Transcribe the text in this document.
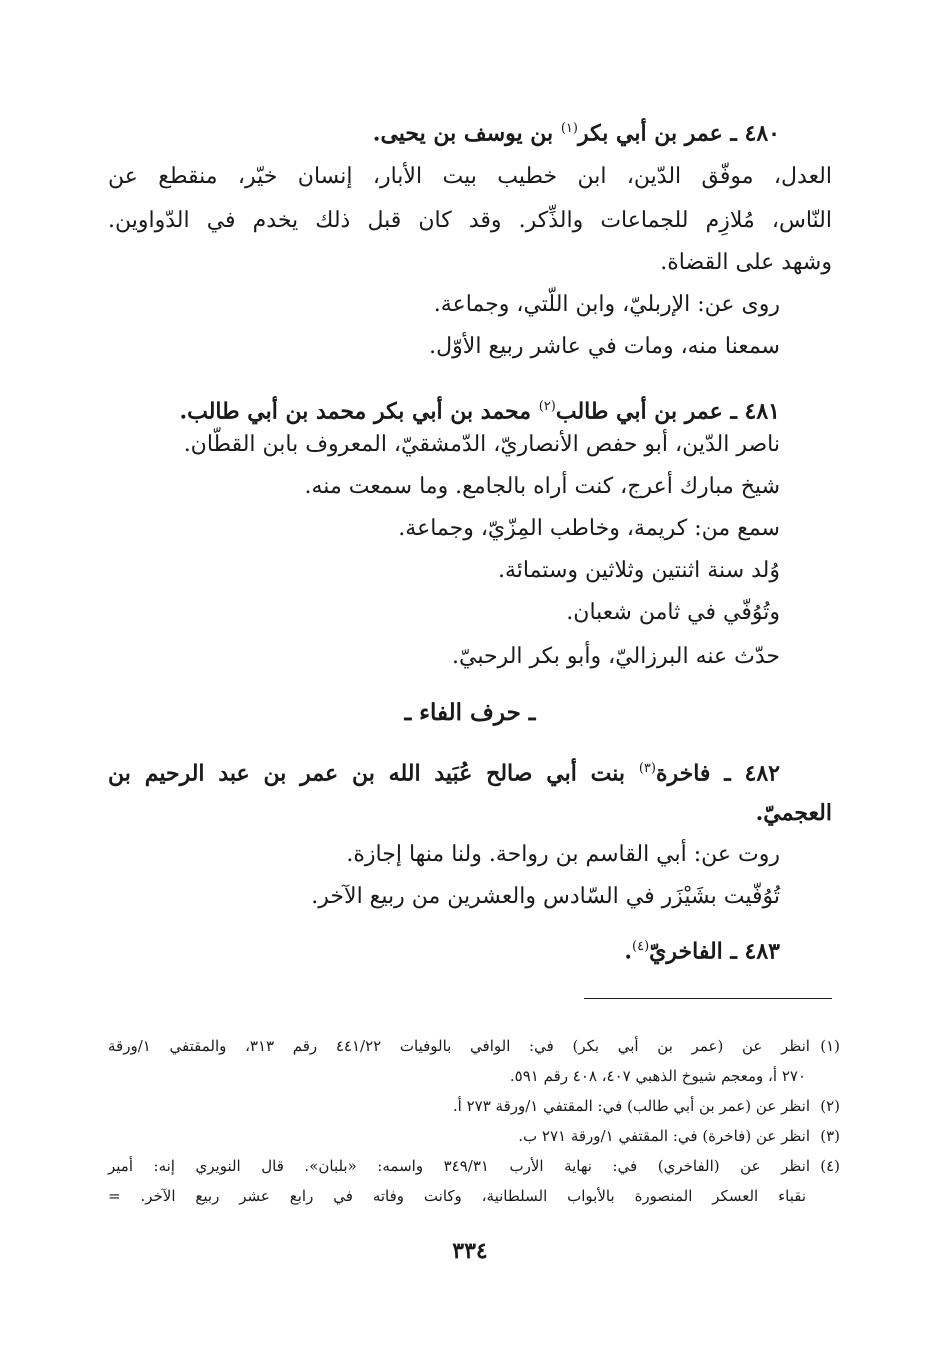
٤٨٠ ـ عمر بن أبي بكر$^{(١)}$ بن يوسف بن يحيى.
العدل، موفّق الدّين، ابن خطيب بيت الأبار، إنسان خيّر، منقطع عن
النّاس، مُلازِم للجماعات والذِّكر. وقد كان قبل ذلك يخدم في الدّواوين.
وشهد على القضاة.
روى عن: الإربليّ، وابن اللّتي، وجماعة.
سمعنا منه، ومات في عاشر ربيع الأوّل.
٤٨١ ـ عمر بن أبي طالب$^{(٢)}$ محمد بن أبي بكر محمد بن أبي طالب.
ناصر الدّين، أبو حفص الأنصاريّ، الدّمشقيّ، المعروف بابن القطّان.
شيخ مبارك أعرج، كنت أراه بالجامع. وما سمعت منه.
سمع من: كريمة، وخاطب المِزّيّ، وجماعة.
وُلد سنة اثنتين وثلاثين وستمائة.
وتُوُفّي في ثامن شعبان.
حدّث عنه البرزاليّ، وأبو بكر الرحبيّ.
ـ حرف الفاء ـ
٤٨٢ ـ فاخرة$^{(٣)}$ بنت أبي صالح عُبَيد الله بن عمر بن عبد الرحيم بن
العجميّ.
روت عن: أبي القاسم بن رواحة. ولنا منها إجازة.
تُوُفّيت بشَيْزَر في السّادس والعشرين من ربيع الآخر.
٤٨٣ ـ الفاخريّ$^{(٤)}$.
(١)انظر عن (عمر بن أبي بكر) في: الوافي بالوفيات ٤٤١/٢٢ رقم ٣١٣، والمقتفي ١/ورقة
٢٧٠ أ، ومعجم شيوخ الذهبي ٤٠٧، ٤٠٨ رقم ٥٩١.
(٢)انظر عن (عمر بن أبي طالب) في: المقتفي ١/ورقة ٢٧٣ أ.
(٣)انظر عن (فاخرة) في: المقتفي ١/ورقة ٢٧١ ب.
(٤)انظر عن (الفاخري) في: نهاية الأرب ٣٤٩/٣١ واسمه: «بلبان». قال النويري إنه: أمير
نقباء العسكر المنصورة بالأبواب السلطانية، وكانت وفاته في رابع عشر ربيع الآخر. =
٣٣٤
